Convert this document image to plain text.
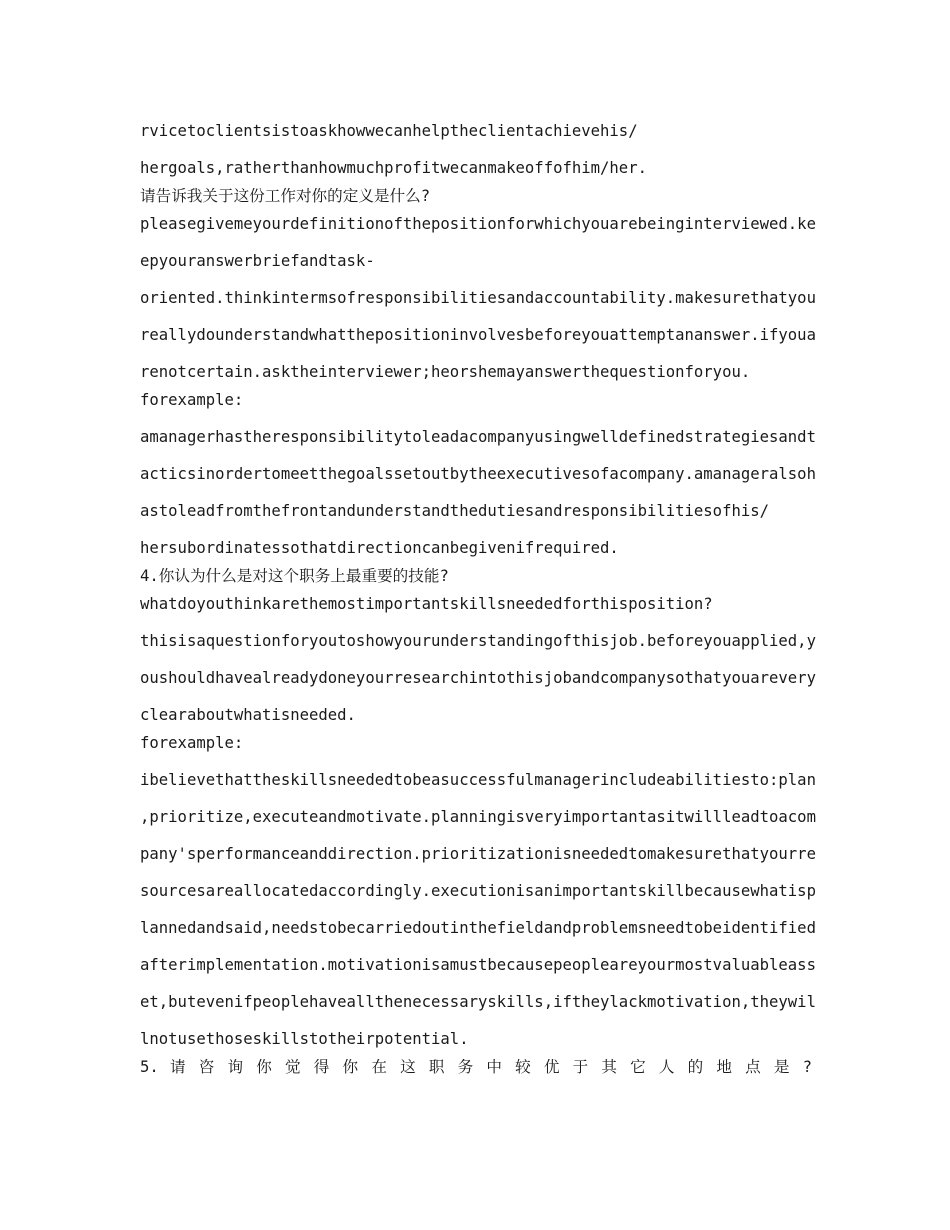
rvicetoclientsistoaskhowwecanhelptheclientachievehis/
hergoals,ratherthanhowmuchprofitwecanmakeoffofhim/her.
请告诉我关于这份工作对你的定义是什么?
pleasegivemeyourdefinitionofthepositionforwhichyouarebeinginterviewed.ke
epyouranswerbriefandtask-
oriented.thinkintermsofresponsibilitiesandaccountability.makesurethatyou
reallydounderstandwhatthepositioninvolvesbeforeyouattemptananswer.ifyoua
renotcertain.asktheinterviewer;heorshemayanswerthequestionforyou.
forexample:
amanagerhastheresponsibilitytoleadacompanyusingwelldefinedstrategiesandt
acticsinordertomeetthegoalssetoutbytheexecutivesofacompany.amanageralsoh
astoleadfromthefrontandunderstandthedutiesandresponsibilitiesofhis/
hersubordinatessothatdirectioncanbegivenifrequired.
4.你认为什么是对这个职务上最重要的技能?
whatdoyouthinkarethemostimportantskillsneededforthisposition?
thisisaquestionforyoutoshowyourunderstandingofthisjob.beforeyouapplied,y
oushouldhavealreadydoneyourresearchintothisjobandcompanysothatyouarevery
clearaboutwhatisneeded.
forexample:
ibelievethattheskillsneededtobeasuccessfulmanagerincludeabilitiesto:plan
,prioritize,executeandmotivate.planningisveryimportantasitwillleadtoacom
pany'sperformanceanddirection.prioritizationisneededtomakesurethatyourre
sourcesareallocatedaccordingly.executionisanimportantskillbecausewhatisp
lannedandsaid,needstobecarriedoutinthefieldandproblemsneedtobeidentified
afterimplementation.motivationisamustbecausepeopleareyourmostvaluableass
et,butevenifpeoplehaveallthenecessaryskills,iftheylackmotivation,theywil
lnotusethoseskillstotheirpotential.
5. 请 咨 询 你 觉 得 你 在 这 职 务 中 较 优 于 其 它 人 的 地 点 是 ?
